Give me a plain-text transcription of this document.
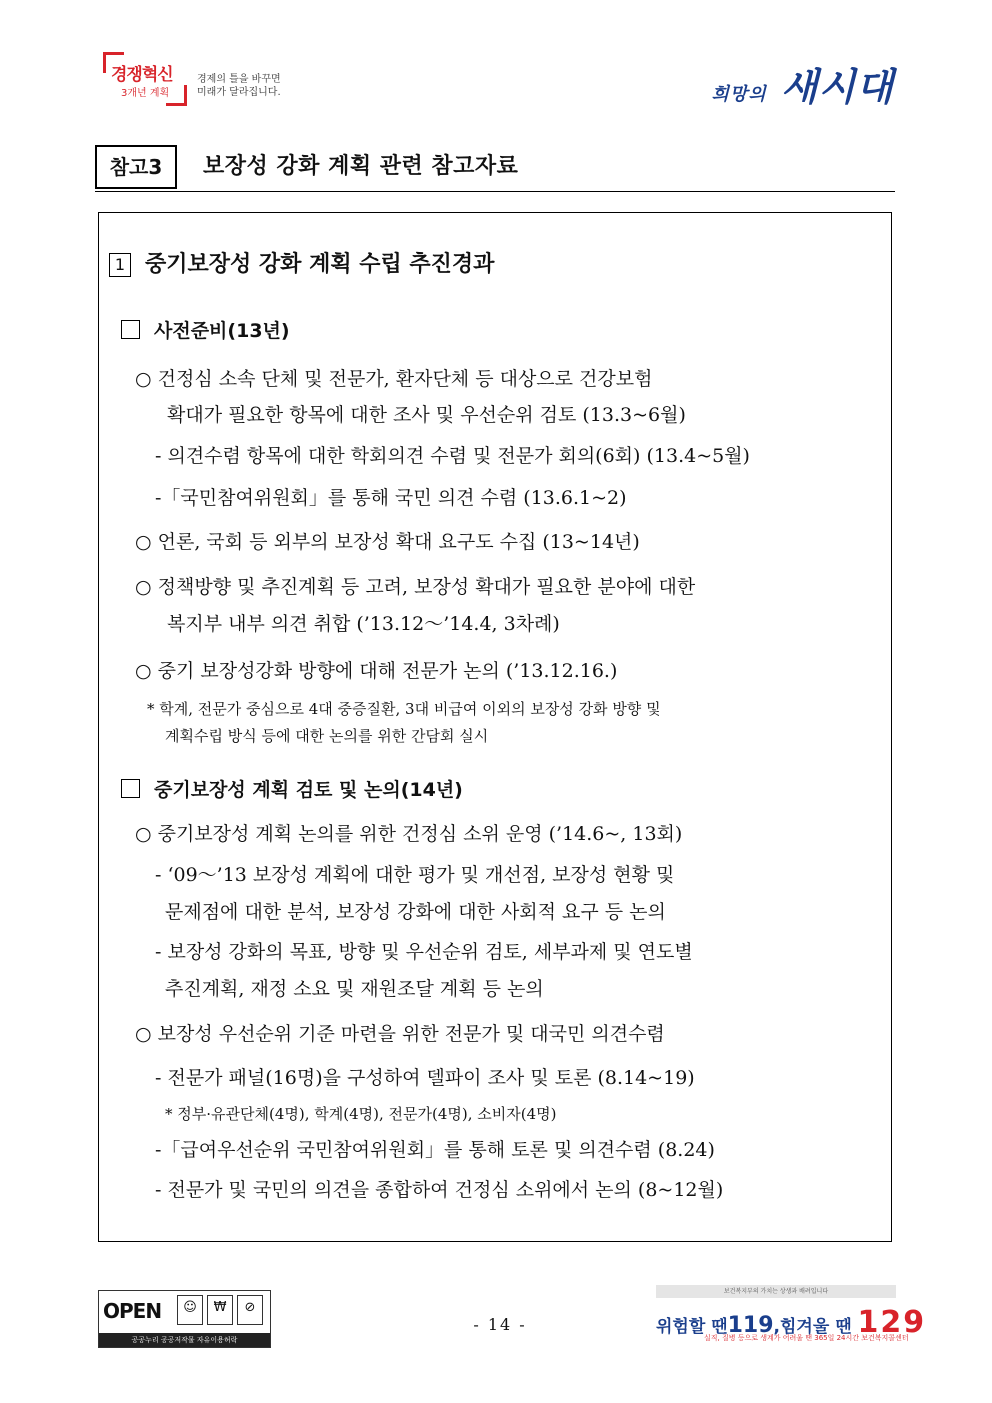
경쟁혁신
3개년 계획
경제의 틀을 바꾸면
미래가 달라집니다.	희망의 새시대
참고3	보장성 강화 계획 관련 참고자료
1 중기보장성 강화 계획 수립 추진경과
사전준비(13년)
○ 건정심 소속 단체 및 전문가, 환자단체 등 대상으로 건강보험
확대가 필요한 항목에 대한 조사 및 우선순위 검토 (13.3~6월)
- 의견수렴 항목에 대한 학회의견 수렴 및 전문가 회의(6회) (13.4~5월)
-「국민참여위원회」를 통해 국민 의견 수렴 (13.6.1~2)
○ 언론, 국회 등 외부의 보장성 확대 요구도 수집 (13~14년)
○ 정책방향 및 추진계획 등 고려, 보장성 확대가 필요한 분야에 대한
복지부 내부 의견 취합 (’13.12～’14.4, 3차례)
○ 중기 보장성강화 방향에 대해 전문가 논의 (’13.12.16.)
* 학계, 전문가 중심으로 4대 중증질환, 3대 비급여 이외의 보장성 강화 방향 및
계획수립 방식 등에 대한 논의를 위한 간담회 실시
중기보장성 계획 검토 및 논의(14년)
○ 중기보장성 계획 논의를 위한 건정심 소위 운영 (’14.6~, 13회)
- ‘09～’13 보장성 계획에 대한 평가 및 개선점, 보장성 현황 및
문제점에 대한 분석, 보장성 강화에 대한 사회적 요구 등 논의
- 보장성 강화의 목표, 방향 및 우선순위 검토, 세부과제 및 연도별
추진계획, 재정 소요 및 재원조달 계획 등 논의
○ 보장성 우선순위 기준 마련을 위한 전문가 및 대국민 의견수렴
- 전문가 패널(16명)을 구성하여 델파이 조사 및 토론 (8.14~19)
* 정부·유관단체(4명), 학계(4명), 전문가(4명), 소비자(4명)
-「급여우선순위 국민참여위원회」를 통해 토론 및 의견수렴 (8.24)
- 전문가 및 국민의 의견을 종합하여 건정심 소위에서 논의 (8~12월)
OPEN	☺	₩	⊘
공공누리 공공저작물 자유이용허락
- 14 -
보건복지부의 가치는 상생과 배려입니다
위험할 땐119,힘겨울 땐 129
실직, 질병 등으로 생계가 어려울 땐 365일 24시간 보건복지콜센터
